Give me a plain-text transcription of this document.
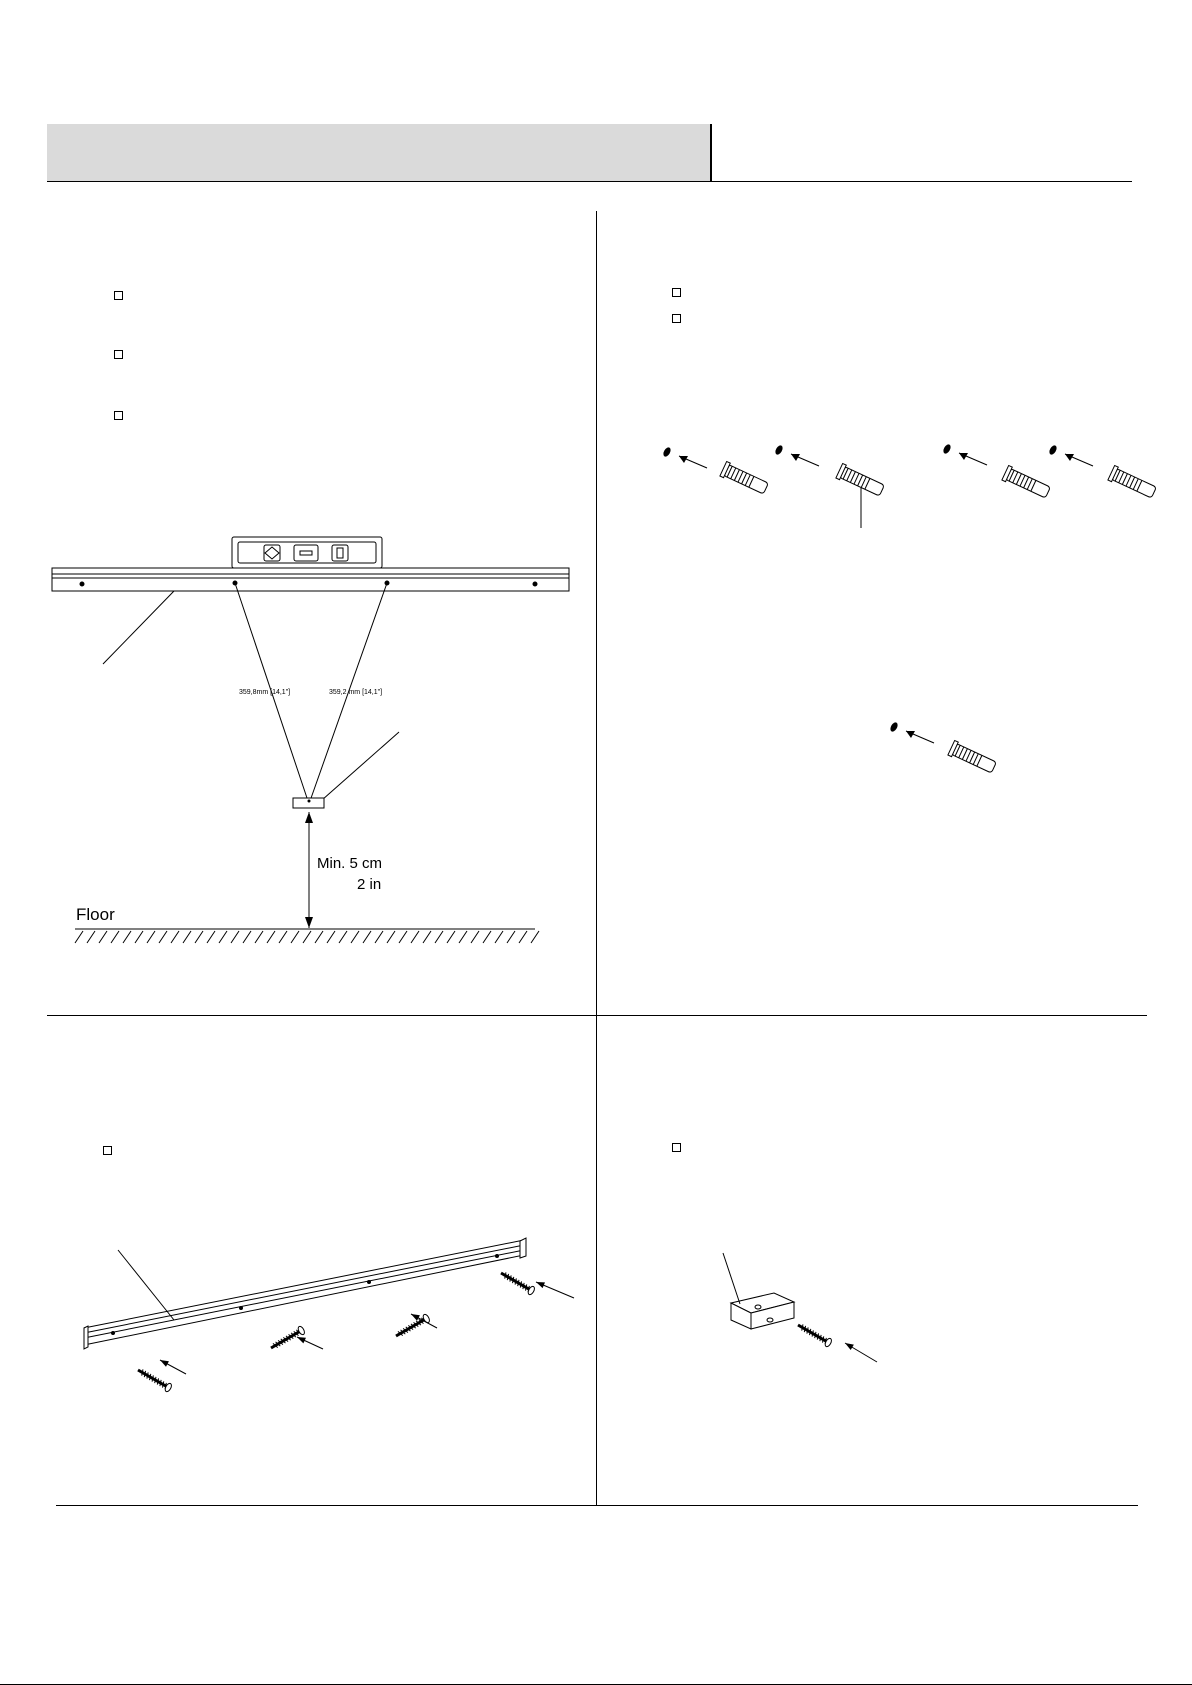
359,8mm [14,1"]	359,2 mm [14,1"]
Min. 5 cm
2 in
Floor
